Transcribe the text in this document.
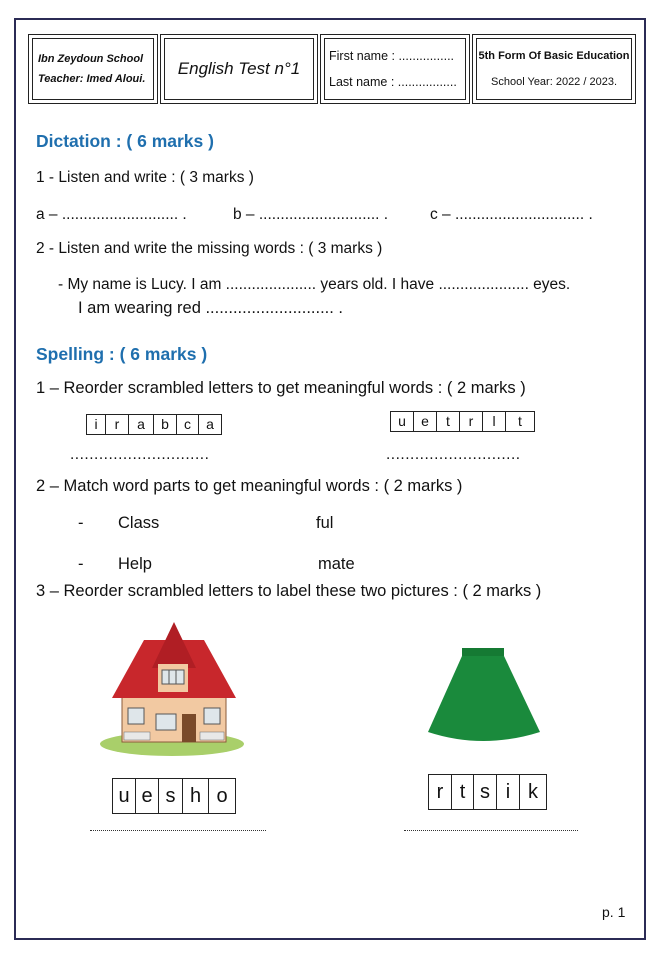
Ibn Zeydoun School
Teacher: Imed Aloui.
English Test n°1
First name : ................
Last name : .................
5th Form Of Basic Education
School Year: 2022 / 2023.
Dictation : ( 6 marks )
1 - Listen and write : ( 3 marks )
a – ........................... .	b – ............................ .	c – .............................. .
2 - Listen and write the missing words : ( 3 marks )
- My name is Lucy. I am ..................... years old. I have ..................... eyes.
I am wearing red ............................ .
Spelling : ( 6 marks )
1 – Reorder scrambled letters to get meaningful words : ( 2 marks )
i	r	a	b	c	a	u	e	t	r	l	t
.............................	............................
2 – Match word parts to get meaningful words : ( 2 marks )
- Class	ful
- Help	mate
3 – Reorder scrambled letters to label these two pictures : ( 2 marks )
u e s h o	r t s i k
p. 1
